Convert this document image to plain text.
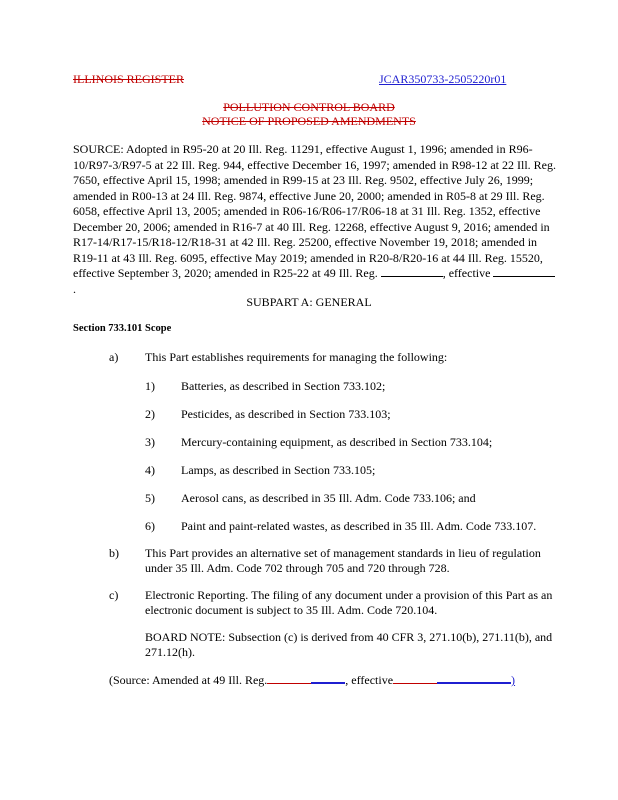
ILLINOIS REGISTER	JCAR350733-2505220r01
POLLUTION CONTROL BOARD
NOTICE OF PROPOSED AMENDMENTS

SOURCE: Adopted in R95-20 at 20 Ill. Reg. 11291, effective August 1, 1996; amended in R96-10/R97-3/R97-5 at 22 Ill. Reg. 944, effective December 16, 1997; amended in R98-12 at 22 Ill. Reg. 7650, effective April 15, 1998; amended in R99-15 at 23 Ill. Reg. 9502, effective July 26, 1999; amended in R00-13 at 24 Ill. Reg. 9874, effective June 20, 2000; amended in R05-8 at 29 Ill. Reg. 6058, effective April 13, 2005; amended in R06-16/R06-17/R06-18 at 31 Ill. Reg. 1352, effective December 20, 2006; amended in R16-7 at 40 Ill. Reg. 12268, effective August 9, 2016; amended in R17-14/R17-15/R18-12/R18-31 at 42 Ill. Reg. 25200, effective November 19, 2018; amended in R19-11 at 43 Ill. Reg. 6095, effective May 2019; amended in R20-8/R20-16 at 44 Ill. Reg. 15520, effective September 3, 2020; amended in R25-22 at 49 Ill. Reg.	, effective .

SUBPART A: GENERAL
Section 733.101 Scope
a) This Part establishes requirements for managing the following:
1) Batteries, as described in Section 733.102;
2) Pesticides, as described in Section 733.103;
3) Mercury-containing equipment, as described in Section 733.104;
4) Lamps, as described in Section 733.105;
5) Aerosol cans, as described in 35 Ill. Adm. Code 733.106; and
6) Paint and paint-related wastes, as described in 35 Ill. Adm. Code 733.107.
b) This Part provides an alternative set of management standards in lieu of regulation under 35 Ill. Adm. Code 702 through 705 and 720 through 728.
c) Electronic Reporting. The filing of any document under a provision of this Part as an electronic document is subject to 35 Ill. Adm. Code 720.104.
BOARD NOTE: Subsection (c) is derived from 40 CFR 3, 271.10(b), 271.11(b), and 271.12(h).
(Source: Amended at 49 Ill. Reg.	, effective	)
